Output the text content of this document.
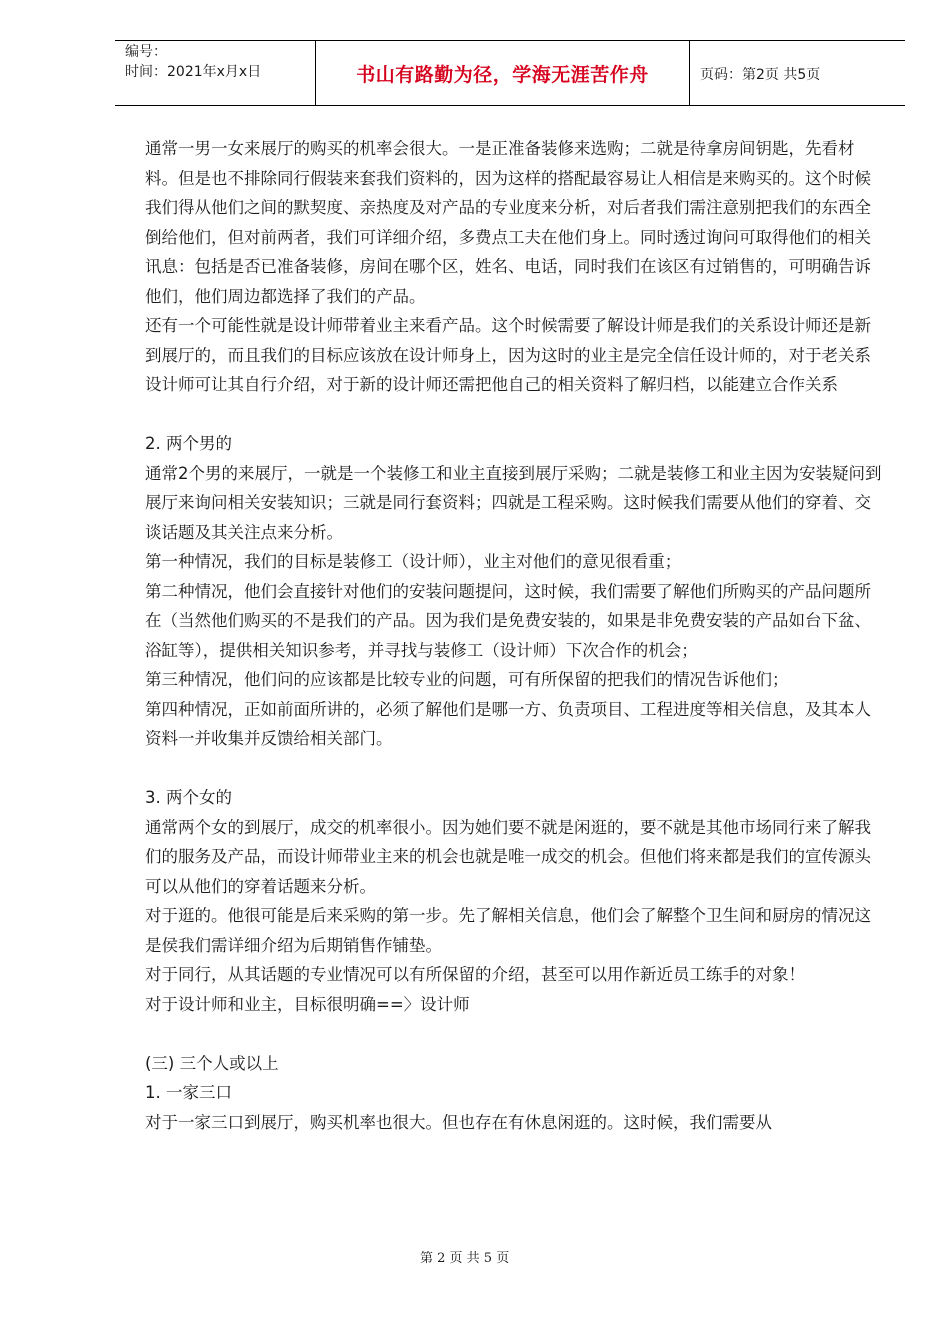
编号：
时间：2021年x月x日	书山有路勤为径，学海无涯苦作舟	页码：第2页 共5页

通常一男一女来展厅的购买的机率会很大。一是正准备装修来选购；二就是待拿房间钥匙，先看材料。但是也不排除同行假装来套我们资料的，因为这样的搭配最容易让人相信是来购买的。这个时候我们得从他们之间的默契度、亲热度及对产品的专业度来分析，对后者我们需注意别把我们的东西全倒给他们，但对前两者，我们可详细介绍，多费点工夫在他们身上。同时透过询问可取得他们的相关讯息：包括是否已准备装修，房间在哪个区，姓名、电话，同时我们在该区有过销售的，可明确告诉他们，他们周边都选择了我们的产品。

还有一个可能性就是设计师带着业主来看产品。这个时候需要了解设计师是我们的关系设计师还是新到展厅的，而且我们的目标应该放在设计师身上，因为这时的业主是完全信任设计师的，对于老关系设计师可让其自行介绍，对于新的设计师还需把他自己的相关资料了解归档，以能建立合作关系

2. 两个男的

通常2个男的来展厅，一就是一个装修工和业主直接到展厅采购；二就是装修工和业主因为安装疑问到展厅来询问相关安装知识；三就是同行套资料；四就是工程采购。这时候我们需要从他们的穿着、交谈话题及其关注点来分析。

第一种情况，我们的目标是装修工（设计师），业主对他们的意见很看重；

第二种情况，他们会直接针对他们的安装问题提问，这时候，我们需要了解他们所购买的产品问题所在（当然他们购买的不是我们的产品。因为我们是免费安装的，如果是非免费安装的产品如台下盆、浴缸等），提供相关知识参考，并寻找与装修工（设计师）下次合作的机会；

第三种情况，他们问的应该都是比较专业的问题，可有所保留的把我们的情况告诉他们；

第四种情况，正如前面所讲的，必须了解他们是哪一方、负责项目、工程进度等相关信息，及其本人资料一并收集并反馈给相关部门。

3. 两个女的

通常两个女的到展厅，成交的机率很小。因为她们要不就是闲逛的，要不就是其他市场同行来了解我们的服务及产品，而设计师带业主来的机会也就是唯一成交的机会。但他们将来都是我们的宣传源头可以从他们的穿着话题来分析。

对于逛的。他很可能是后来采购的第一步。先了解相关信息，他们会了解整个卫生间和厨房的情况这是侯我们需详细介绍为后期销售作铺垫。

对于同行，从其话题的专业情况可以有所保留的介绍，甚至可以用作新近员工练手的对象！

对于设计师和业主，目标很明确==〉设计师

(三) 三个人或以上

1. 一家三口

对于一家三口到展厅，购买机率也很大。但也存在有休息闲逛的。这时候，我们需要从

第 2 页 共 5 页
